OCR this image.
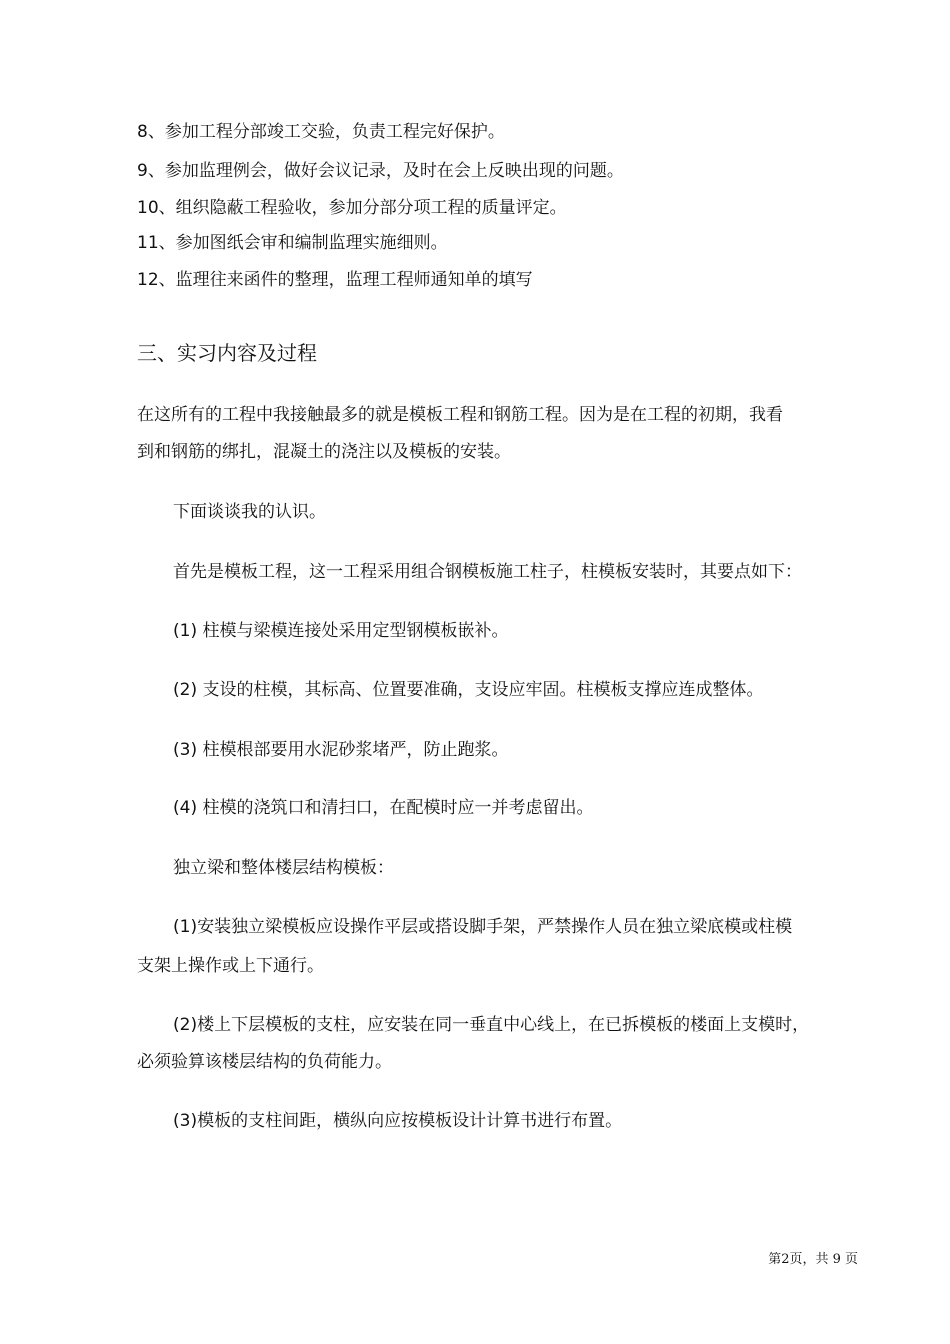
8、参加工程分部竣工交验，负责工程完好保护。
9、参加监理例会，做好会议记录，及时在会上反映出现的问题。
10、组织隐蔽工程验收，参加分部分项工程的质量评定。
11、参加图纸会审和编制监理实施细则。
12、监理往来函件的整理，监理工程师通知单的填写
三、实习内容及过程
在这所有的工程中我接触最多的就是模板工程和钢筋工程。因为是在工程的初期，我看
到和钢筋的绑扎，混凝土的浇注以及模板的安装。
下面谈谈我的认识。
首先是模板工程，这一工程采用组合钢模板施工柱子，柱模板安装时，其要点如下：
(1) 柱模与梁模连接处采用定型钢模板嵌补。
(2) 支设的柱模，其标高、位置要准确，支设应牢固。柱模板支撑应连成整体。
(3) 柱模根部要用水泥砂浆堵严，防止跑浆。
(4) 柱模的浇筑口和清扫口，在配模时应一并考虑留出。
独立梁和整体楼层结构模板：
(1)安装独立梁模板应设操作平层或搭设脚手架，严禁操作人员在独立梁底模或柱模
支架上操作或上下通行。
(2)楼上下层模板的支柱，应安装在同一垂直中心线上，在已拆模板的楼面上支模时，
必须验算该楼层结构的负荷能力。
(3)模板的支柱间距，横纵向应按模板设计计算书进行布置。
第2页，共 9 页
